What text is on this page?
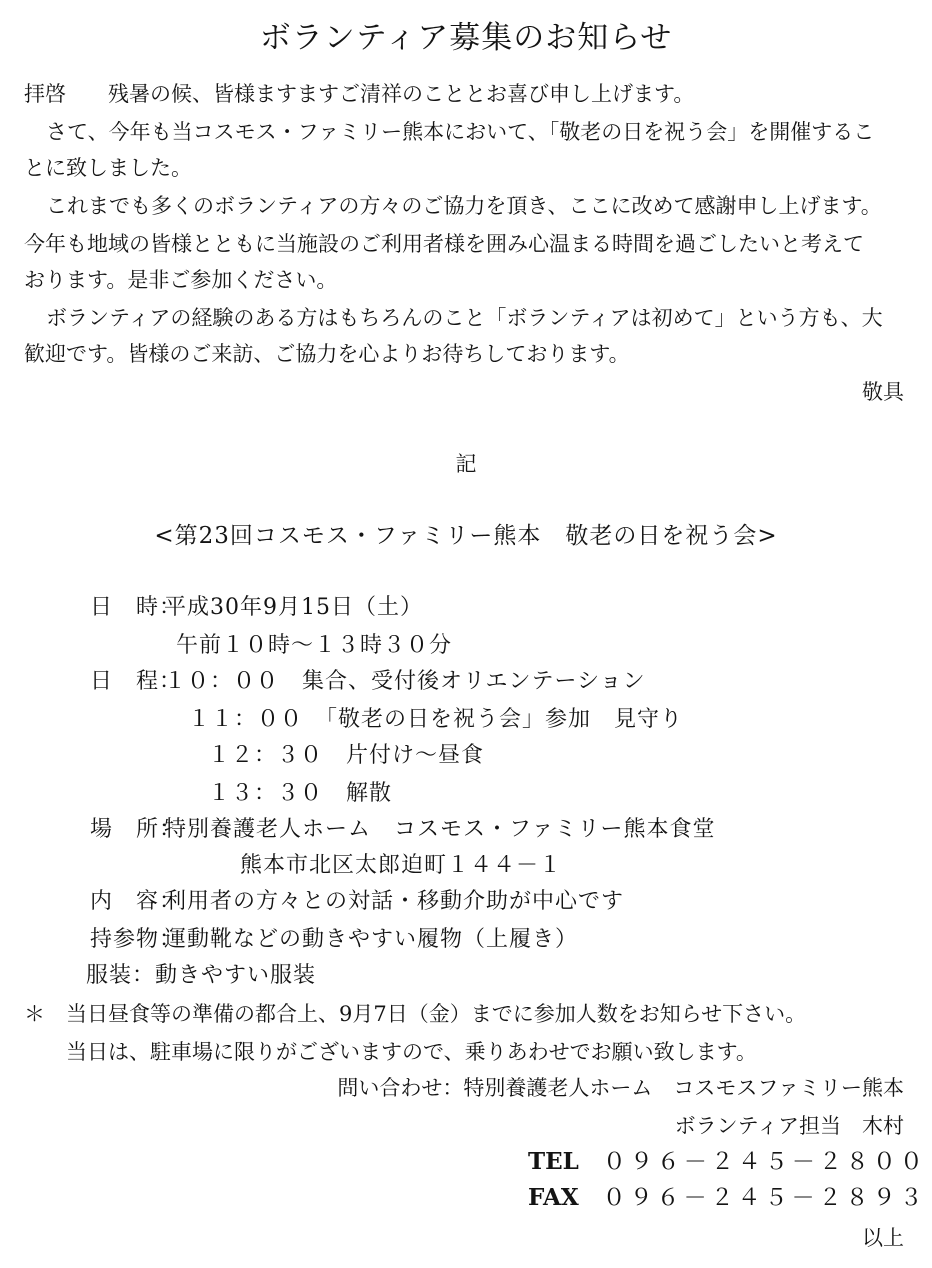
ボランティア募集のお知らせ
拝啓　　残暑の候、皆様ますますご清祥のこととお喜び申し上げます。
さて、今年も当コスモス・ファミリー熊本において、「敬老の日を祝う会」を開催するこ
とに致しました。
これまでも多くのボランティアの方々のご協力を頂き、ここに改めて感謝申し上げます。
今年も地域の皆様とともに当施設のご利用者様を囲み心温まる時間を過ごしたいと考えて
おります。是非ご参加ください。
ボランティアの経験のある方はもちろんのこと「ボランティアは初めて」という方も、大
歓迎です。皆様のご来訪、ご協力を心よりお待ちしております。
敬具
記
<第23回コスモス・ファミリー熊本　敬老の日を祝う会>
日　時：平成30年9月15日（土）
午前１０時～１３時３０分
日　程：１０：００　集合、受付後オリエンテーション
１１：００　「敬老の日を祝う会」参加　見守り
１２：３０　片付け～昼食
１３：３０　解散
場　所：特別養護老人ホーム　コスモス・ファミリー熊本食堂
熊本市北区太郎迫町１４４－１
内　容：利用者の方々との対話・移動介助が中心です
持参物：運動靴などの動きやすい履物（上履き）
服装：動きやすい服装
＊　当日昼食等の準備の都合上、9月7日（金）までに参加人数をお知らせ下さい。
当日は、駐車場に限りがございますので、乗りあわせでお願い致します。
問い合わせ：特別養護老人ホーム　コスモスファミリー熊本
ボランティア担当　木村
TEL ０９６－２４５－２８００
FAX ０９６－２４５－２８９３
以上
